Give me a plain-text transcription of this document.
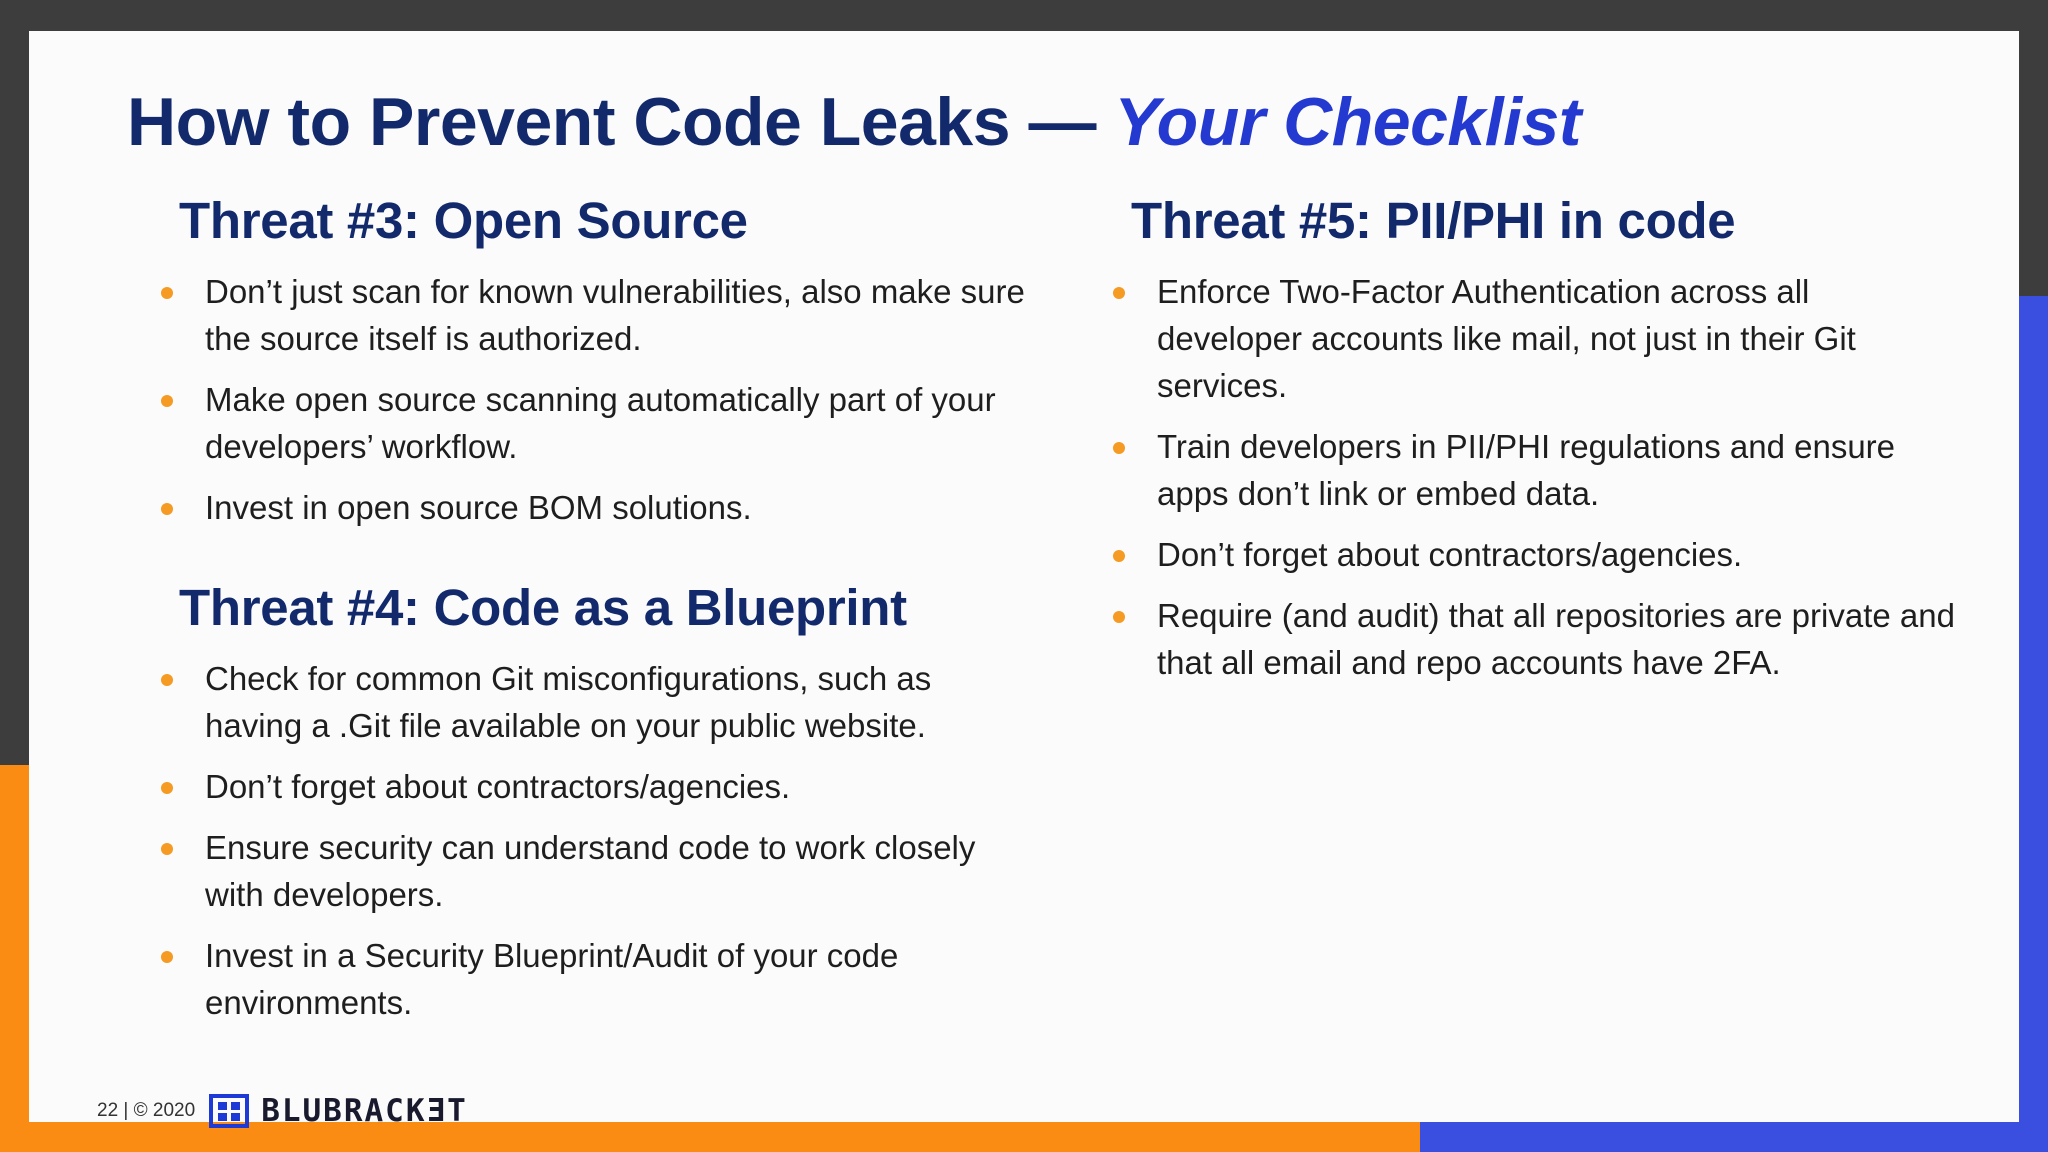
How to Prevent Code Leaks — Your Checklist
Threat #3: Open Source
Don’t just scan for known vulnerabilities, also make sure the source itself is authorized.
Make open source scanning automatically part of your developers’ workflow.
Invest in open source BOM solutions.
Threat #4: Code as a Blueprint
Check for common Git misconfigurations, such as having a .Git file available on your public website.
Don’t forget about contractors/agencies.
Ensure security can understand code to work closely with developers.
Invest in a Security Blueprint/Audit of your code environments.
Threat #5: PII/PHI in code
Enforce Two-Factor Authentication across all developer accounts like mail, not just in their Git services.
Train developers in PII/PHI regulations and ensure apps don’t link or embed data.
Don’t forget about contractors/agencies.
Require (and audit) that all repositories are private and that all email and repo accounts have 2FA.
22 | © 2020 BLUBRACKƎT
